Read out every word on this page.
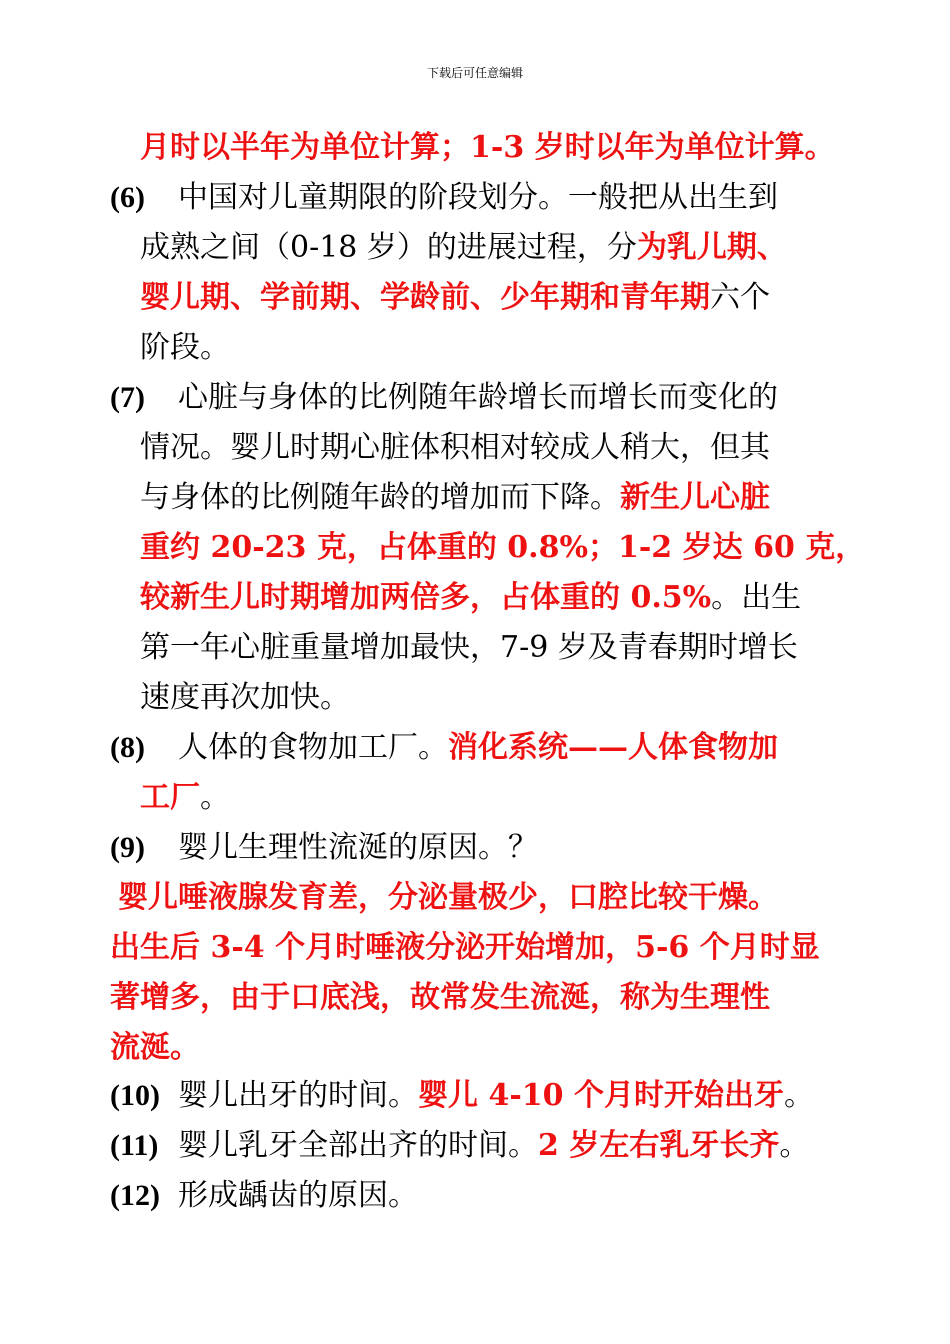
下载后可任意编辑
月时以半年为单位计算；1-3 岁时以年为单位计算。
(6) 中国对儿童期限的阶段划分。一般把从出生到
成熟之间（0-18 岁）的进展过程，分为乳儿期、
婴儿期、学前期、学龄前、少年期和青年期六个
阶段。
(7) 心脏与身体的比例随年龄增长而增长而变化的
情况。婴儿时期心脏体积相对较成人稍大，但其
与身体的比例随年龄的增加而下降。新生儿心脏
重约 20-23 克，占体重的 0.8%；1-2 岁达 60 克，
较新生儿时期增加两倍多，占体重的 0.5%。出生
第一年心脏重量增加最快，7-9 岁及青春期时增长
速度再次加快。
(8) 人体的食物加工厂。消化系统——人体食物加
工厂。
(9) 婴儿生理性流涎的原因。？
婴儿唾液腺发育差，分泌量极少，口腔比较干燥。
出生后 3-4 个月时唾液分泌开始增加，5-6 个月时显
著增多，由于口底浅，故常发生流涎，称为生理性
流涎。
(10) 婴儿出牙的时间。婴儿 4-10 个月时开始出牙。
(11) 婴儿乳牙全部出齐的时间。2 岁左右乳牙长齐。
(12) 形成龋齿的原因。
